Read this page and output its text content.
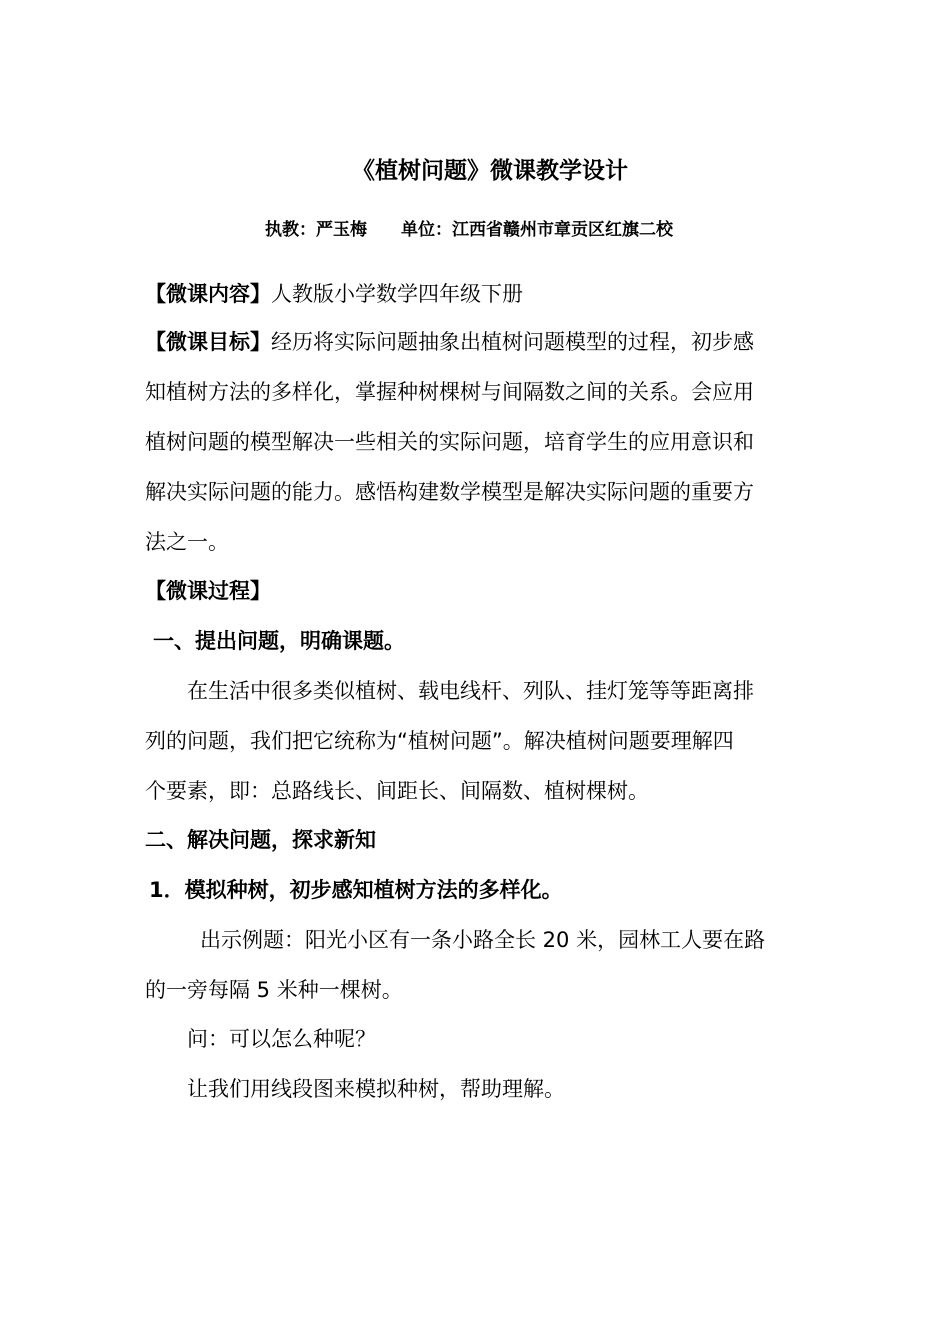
《植树问题》微课教学设计
执教：严玉梅　　单位：江西省赣州市章贡区红旗二校
【微课内容】人教版小学数学四年级下册
【微课目标】经历将实际问题抽象出植树问题模型的过程，初步感
知植树方法的多样化，掌握种树棵树与间隔数之间的关系。会应用
植树问题的模型解决一些相关的实际问题，培育学生的应用意识和
解决实际问题的能力。感悟构建数学模型是解决实际问题的重要方
法之一。
【微课过程】
一、提出问题，明确课题。
在生活中很多类似植树、载电线杆、列队、挂灯笼等等距离排
列的问题，我们把它统称为“植树问题”。解决植树问题要理解四
个要素，即：总路线长、间距长、间隔数、植树棵树。
二、解决问题，探求新知
1．模拟种树，初步感知植树方法的多样化。
出示例题：阳光小区有一条小路全长 20 米，园林工人要在路
的一旁每隔 5 米种一棵树。
问：可以怎么种呢？
让我们用线段图来模拟种树，帮助理解。
